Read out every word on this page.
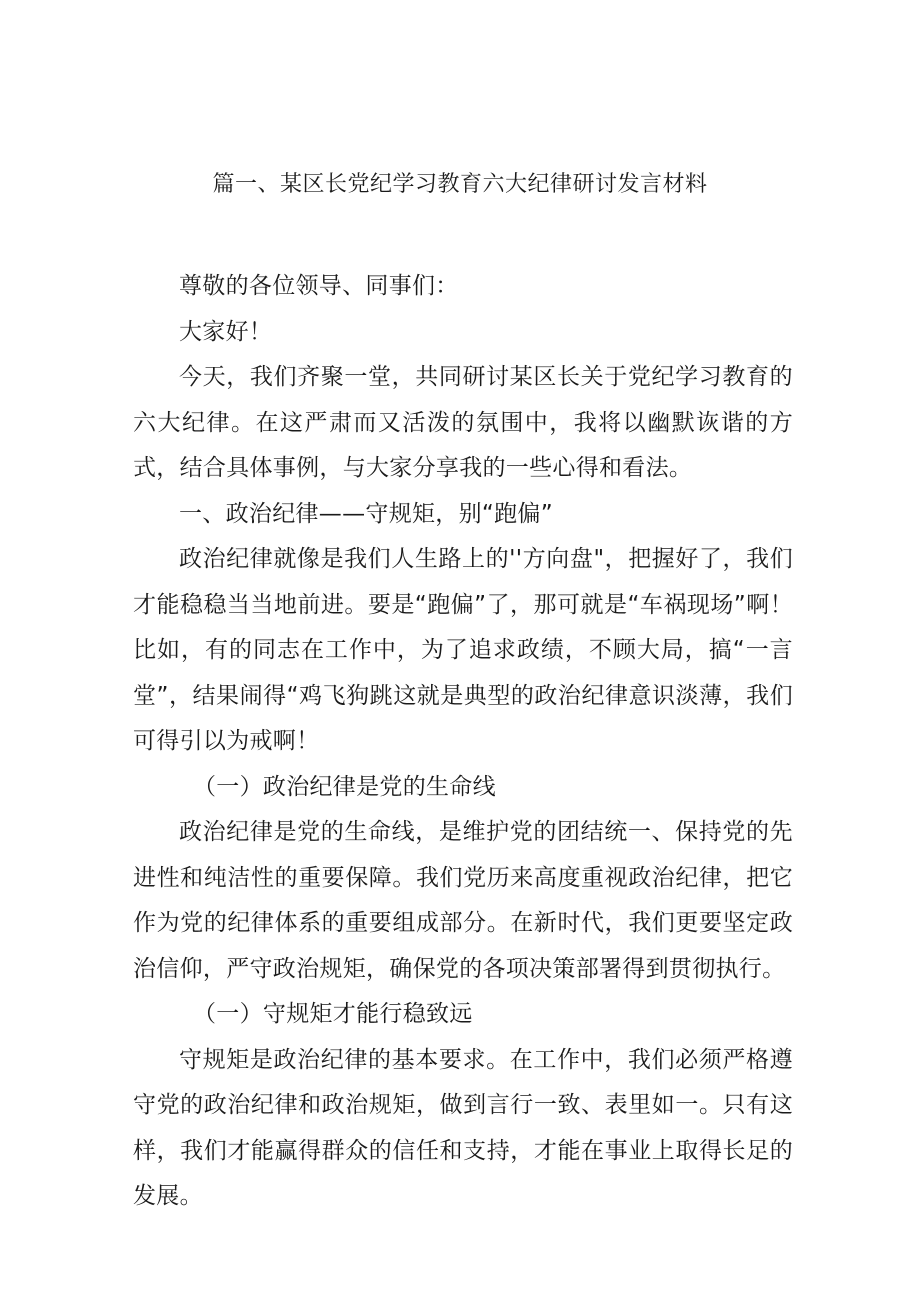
篇一、某区长党纪学习教育六大纪律研讨发言材料

尊敬的各位领导、同事们：

大家好！

今天，我们齐聚一堂，共同研讨某区长关于党纪学习教育的六大纪律。在这严肃而又活泼的氛围中，我将以幽默诙谐的方式，结合具体事例，与大家分享我的一些心得和看法。

一、政治纪律——守规矩，别“跑偏”

政治纪律就像是我们人生路上的''方向盘"，把握好了，我们才能稳稳当当地前进。要是“跑偏”了，那可就是“车祸现场”啊！比如，有的同志在工作中，为了追求政绩，不顾大局，搞“一言堂”，结果闹得“鸡飞狗跳这就是典型的政治纪律意识淡薄，我们可得引以为戒啊！

（一）政治纪律是党的生命线

政治纪律是党的生命线，是维护党的团结统一、保持党的先进性和纯洁性的重要保障。我们党历来高度重视政治纪律，把它作为党的纪律体系的重要组成部分。在新时代，我们更要坚定政治信仰，严守政治规矩，确保党的各项决策部署得到贯彻执行。

（一）守规矩才能行稳致远

守规矩是政治纪律的基本要求。在工作中，我们必须严格遵守党的政治纪律和政治规矩，做到言行一致、表里如一。只有这样，我们才能赢得群众的信任和支持，才能在事业上取得长足的发展。
